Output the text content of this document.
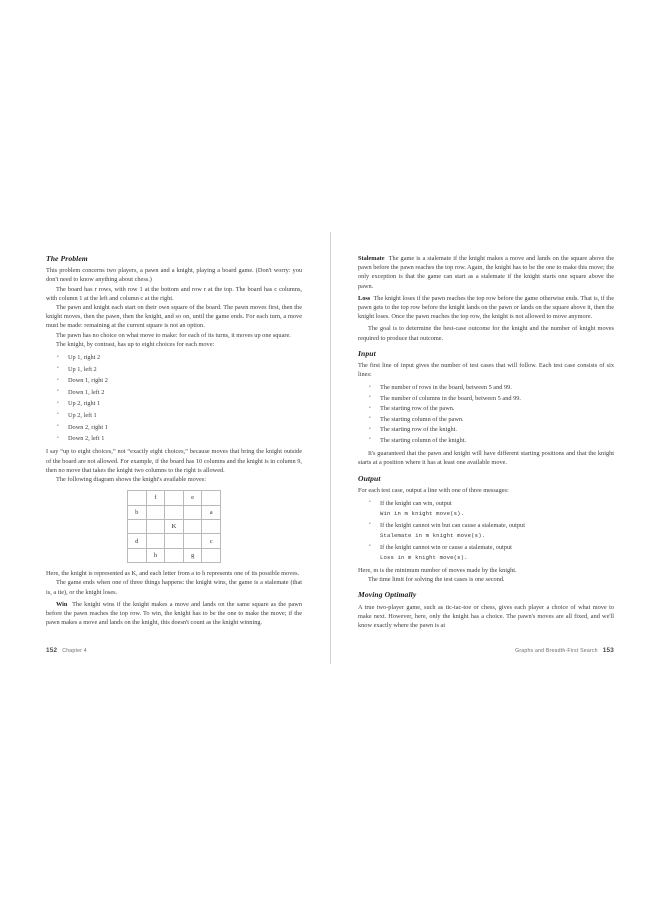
The Problem

This problem concerns two players, a pawn and a knight, playing a board game. (Don't worry: you don't need to know anything about chess.)

The board has r rows, with row 1 at the bottom and row r at the top. The board has c columns, with column 1 at the left and column c at the right.

The pawn and knight each start on their own square of the board. The pawn moves first, then the knight moves, then the pawn, then the knight, and so on, until the game ends. For each turn, a move must be made: remaining at the current square is not an option.

The pawn has no choice on what move to make: for each of its turns, it moves up one square.

The knight, by contrast, has up to eight choices for each move:

• Up 1, right 2
• Up 1, left 2
• Down 1, right 2
• Down 1, left 2
• Up 2, right 1
• Up 2, left 1
• Down 2, right 1
• Down 2, left 1

I say “up to eight choices,” not “exactly eight choices,” because moves that bring the knight outside of the board are not allowed. For example, if the board has 10 columns and the knight is in column 9, then no move that takes the knight two columns to the right is allowed.

The following diagram shows the knight's available moves:

	f		e	
b				a
		K		
d				c
	h		g	

Here, the knight is represented as K, and each letter from a to h represents one of its possible moves.

The game ends when one of three things happens: the knight wins, the game is a stalemate (that is, a tie), or the knight loses.

Win The knight wins if the knight makes a move and lands on the same square as the pawn before the pawn reaches the top row. To win, the knight has to be the one to make the move; if the pawn makes a move and lands on the knight, this doesn't count as the knight winning.

152 Chapter 4

Stalemate The game is a stalemate if the knight makes a move and lands on the square above the pawn before the pawn reaches the top row. Again, the knight has to be the one to make this move; the only exception is that the game can start as a stalemate if the knight starts one square above the pawn.

Loss The knight loses if the pawn reaches the top row before the game otherwise ends. That is, if the pawn gets to the top row before the knight lands on the pawn or lands on the square above it, then the knight loses. Once the pawn reaches the top row, the knight is not allowed to move anymore.

The goal is to determine the best-case outcome for the knight and the number of knight moves required to produce that outcome.

Input

The first line of input gives the number of test cases that will follow. Each test case consists of six lines:

• The number of rows in the board, between 5 and 99.
• The number of columns in the board, between 5 and 99.
• The starting row of the pawn.
• The starting column of the pawn.
• The starting row of the knight.
• The starting column of the knight.

It's guaranteed that the pawn and knight will have different starting positions and that the knight starts at a position where it has at least one available move.

Output

For each test case, output a line with one of three messages:

• If the knight can win, output
Win in m knight move(s).
• If the knight cannot win but can cause a stalemate, output
Stalemate in m knight move(s).
• If the knight cannot win or cause a stalemate, output
Loss in m knight move(s).

Here, m is the minimum number of moves made by the knight.

The time limit for solving the test cases is one second.

Moving Optimally

A true two-player game, such as tic-tac-toe or chess, gives each player a choice of what move to make next. However, here, only the knight has a choice. The pawn's moves are all fixed, and we'll know exactly where the pawn is at

Graphs and Breadth-First Search 153
